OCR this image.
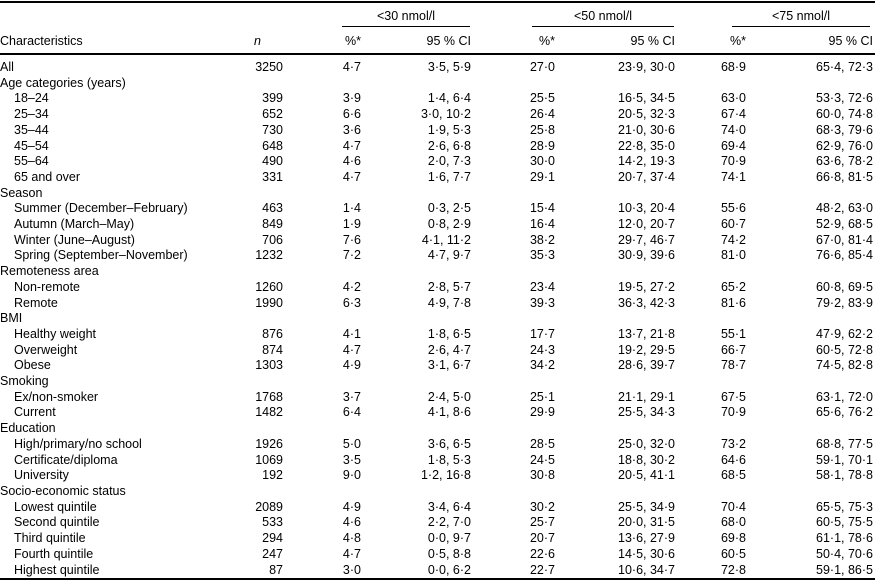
		<30 nmol/l		<50 nmol/l		<75 nmol/l	

Characteristics	n	%*	95 % CI	%*	95 % CI	%*	95 % CI
All	3250	4·7	3·5, 5·9	27·0	23·9, 30·0	68·9	65·4, 72·3
Age categories (years)							
18–24	399	3·9	1·4, 6·4	25·5	16·5, 34·5	63·0	53·3, 72·6
25–34	652	6·6	3·0, 10·2	26·4	20·5, 32·3	67·4	60·0, 74·8
35–44	730	3·6	1·9, 5·3	25·8	21·0, 30·6	74·0	68·3, 79·6
45–54	648	4·7	2·6, 6·8	28·9	22·8, 35·0	69·4	62·9, 76·0
55–64	490	4·6	2·0, 7·3	30·0	14·2, 19·3	70·9	63·6, 78·2
65 and over	331	4·7	1·6, 7·7	29·1	20·7, 37·4	74·1	66·8, 81·5
Season							
Summer (December–February)	463	1·4	0·3, 2·5	15·4	10·3, 20·4	55·6	48·2, 63·0
Autumn (March–May)	849	1·9	0·8, 2·9	16·4	12·0, 20·7	60·7	52·9, 68·5
Winter (June–August)	706	7·6	4·1, 11·2	38·2	29·7, 46·7	74·2	67·0, 81·4
Spring (September–November)	1232	7·2	4·7, 9·7	35·3	30·9, 39·6	81·0	76·6, 85·4
Remoteness area							
Non-remote	1260	4·2	2·8, 5·7	23·4	19·5, 27·2	65·2	60·8, 69·5
Remote	1990	6·3	4·9, 7·8	39·3	36·3, 42·3	81·6	79·2, 83·9
BMI							
Healthy weight	876	4·1	1·8, 6·5	17·7	13·7, 21·8	55·1	47·9, 62·2
Overweight	874	4·7	2·6, 4·7	24·3	19·2, 29·5	66·7	60·5, 72·8
Obese	1303	4·9	3·1, 6·7	34·2	28·6, 39·7	78·7	74·5, 82·8
Smoking							
Ex/non-smoker	1768	3·7	2·4, 5·0	25·1	21·1, 29·1	67·5	63·1, 72·0
Current	1482	6·4	4·1, 8·6	29·9	25·5, 34·3	70·9	65·6, 76·2
Education							
High/primary/no school	1926	5·0	3·6, 6·5	28·5	25·0, 32·0	73·2	68·8, 77·5
Certificate/diploma	1069	3·5	1·8, 5·3	24·5	18·8, 30·2	64·6	59·1, 70·1
University	192	9·0	1·2, 16·8	30·8	20·5, 41·1	68·5	58·1, 78·8
Socio-economic status							
Lowest quintile	2089	4·9	3·4, 6·4	30·2	25·5, 34·9	70·4	65·5, 75·3
Second quintile	533	4·6	2·2, 7·0	25·7	20·0, 31·5	68·0	60·5, 75·5
Third quintile	294	4·8	0·0, 9·7	20·7	13·6, 27·9	69·8	61·1, 78·6
Fourth quintile	247	4·7	0·5, 8·8	22·6	14·5, 30·6	60·5	50·4, 70·6
Highest quintile	87	3·0	0·0, 6·2	22·7	10·6, 34·7	72·8	59·1, 86·5
